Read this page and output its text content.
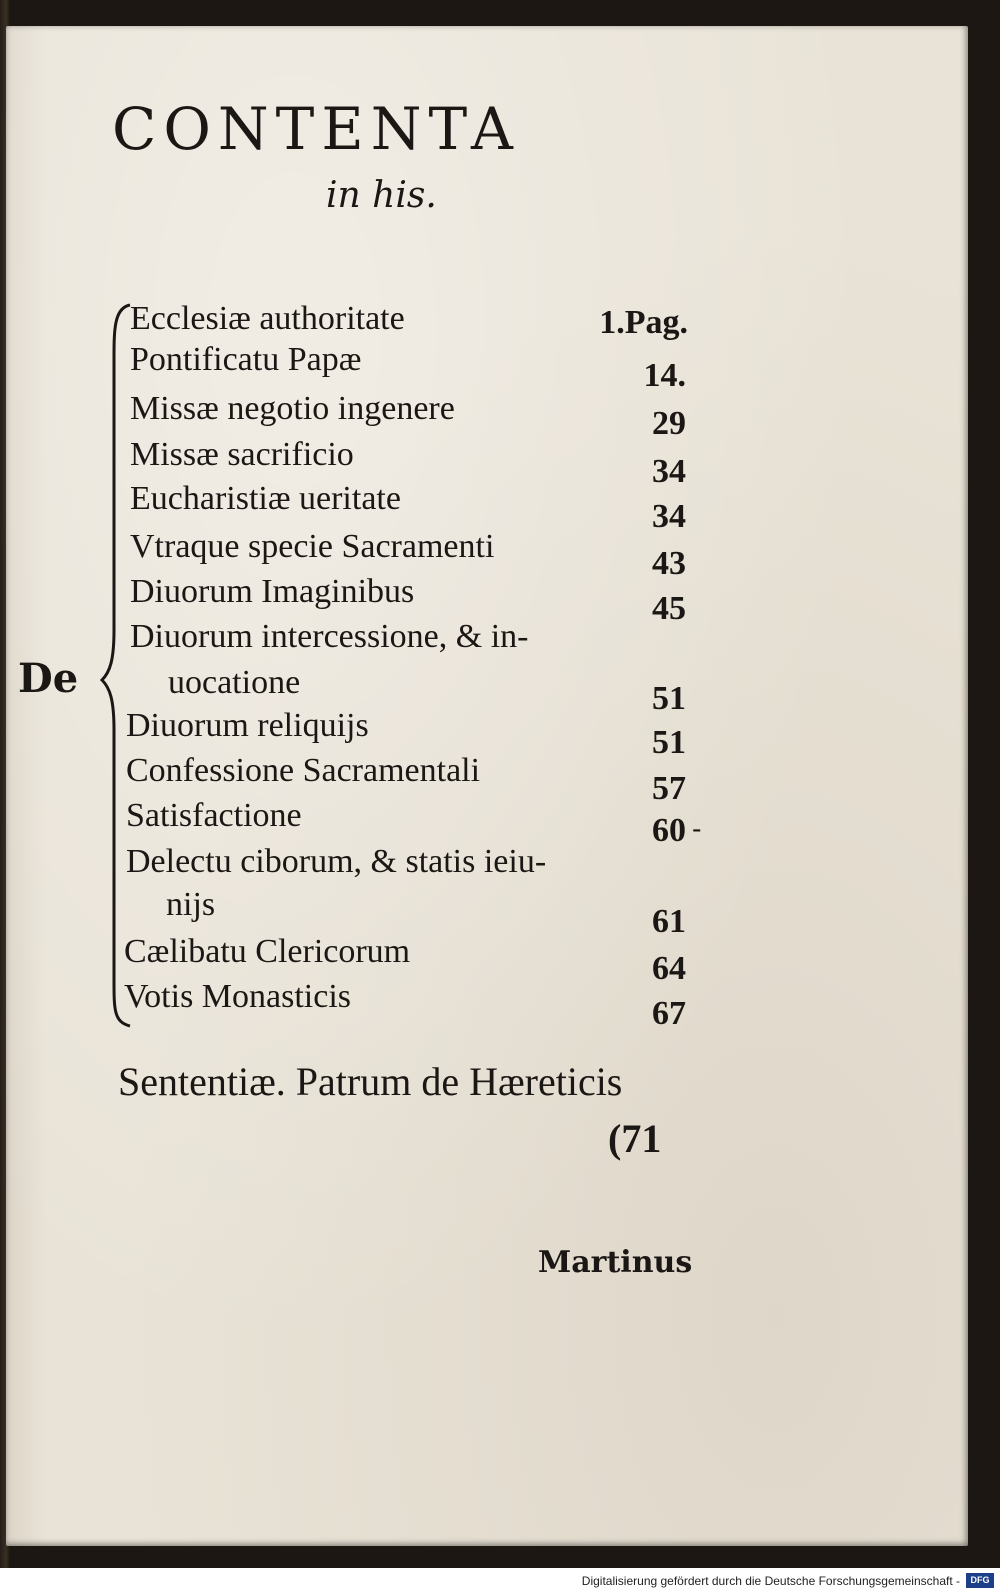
CONTENTA
in his.
De
Ecclesiæ authoritate	1.Pag.
Pontificatu Papæ	14.
Missæ negotio ingenere	29
Missæ sacrificio	34
Eucharistiæ ueritate	34
Vtraque specie Sacramenti	43
Diuorum Imaginibus	45
Diuorum intercessione, & in-
uocatione	51
Diuorum reliquijs	51
Confessione Sacramentali	57
Satisfactione	60 -
Delectu ciborum, & statis ieiu-
nijs	61
Cælibatu Clericorum	64
Votis Monasticis	67
Sententiæ. Patrum de Hæreticis
(71
Martinus
Digitalisierung gefördert durch die Deutsche Forschungsgemeinschaft -	DFG
